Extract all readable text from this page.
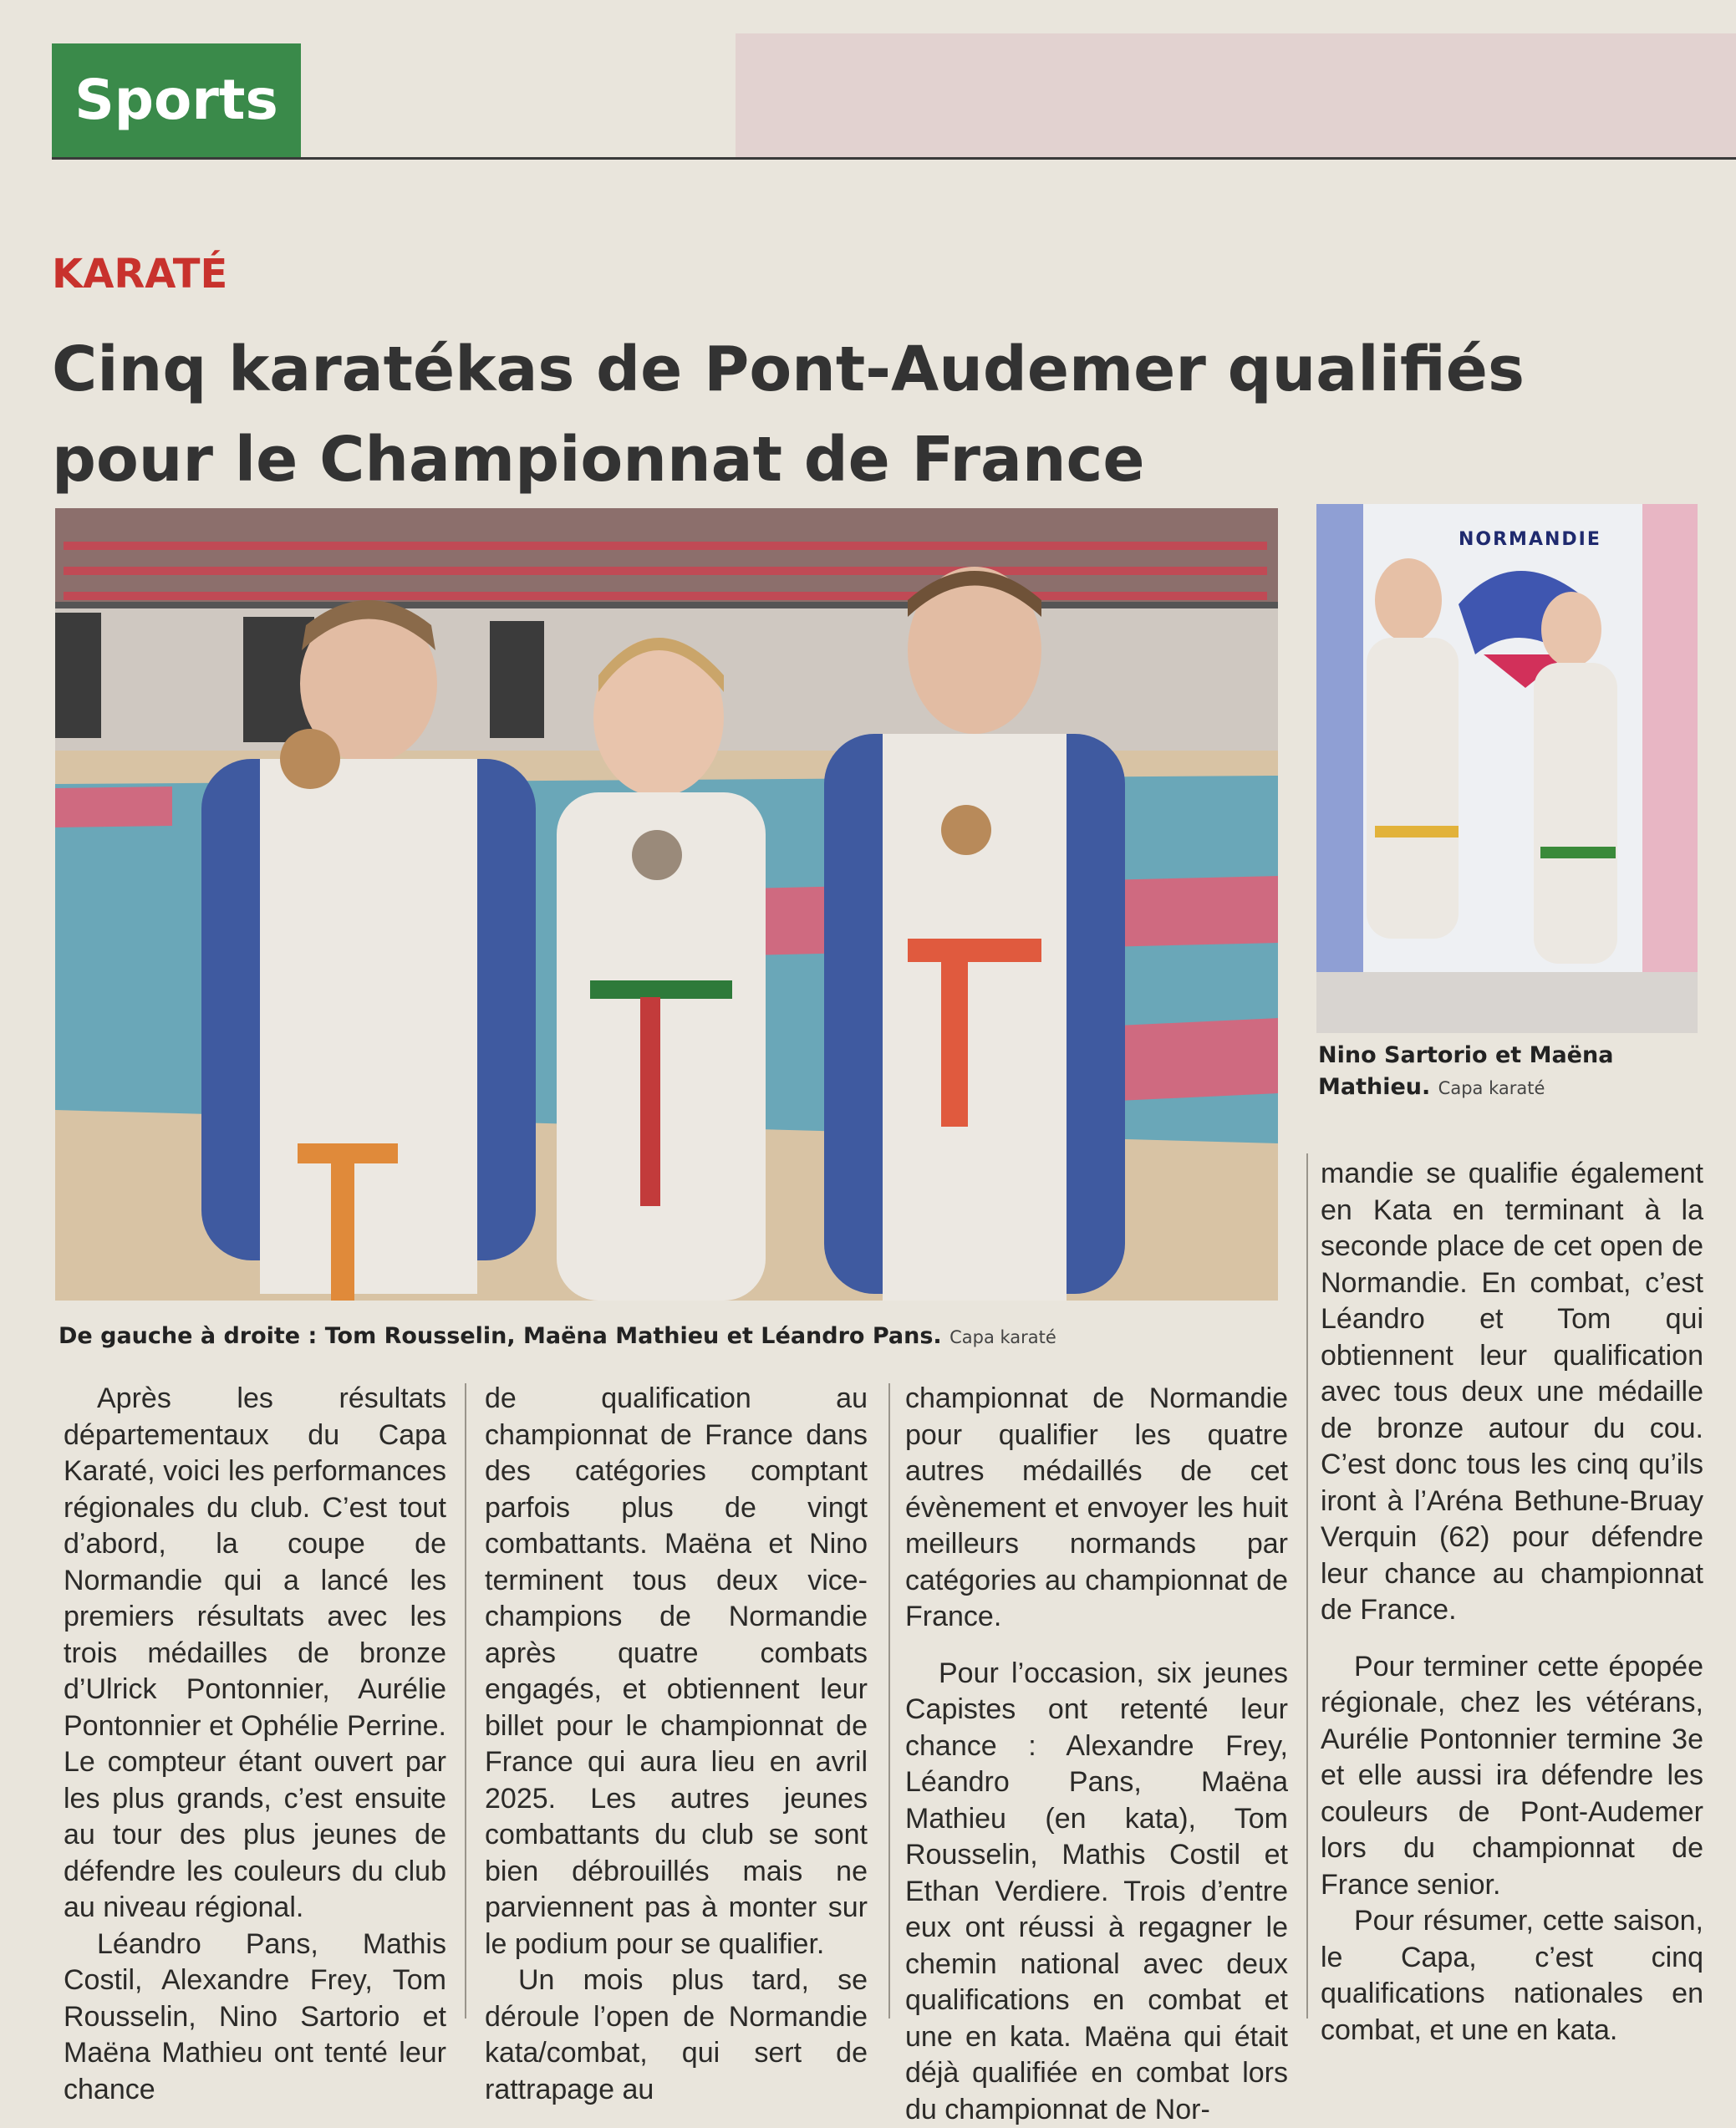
Sports
KARATÉ
Cinq karatékas de Pont-Audemer qualifiés
pour le Championnat de France
NORMANDIE
De gauche à droite : Tom Rousselin, Maëna Mathieu et Léandro Pans. Capa karaté
Nino Sartorio et Maëna
Mathieu. Capa karaté

Après les résultats départementaux du Capa Karaté, voici les performances régionales du club. C’est tout d’abord, la coupe de Normandie qui a lancé les premiers résultats avec les trois médailles de bronze d’Ulrick Pontonnier, Aurélie Pontonnier et Ophélie Perrine. Le compteur étant ouvert par les plus grands, c’est ensuite au tour des plus jeunes de défendre les couleurs du club au niveau régional.

Léandro Pans, Mathis Costil, Alexandre Frey, Tom Rousselin, Nino Sartorio et Maëna Mathieu ont tenté leur chance

de qualification au championnat de France dans des catégories comptant parfois plus de vingt combattants. Maëna et Nino terminent tous deux vice-champions de Normandie après quatre combats engagés, et obtiennent leur billet pour le championnat de France qui aura lieu en avril 2025. Les autres jeunes combattants du club se sont bien débrouillés mais ne parviennent pas à monter sur le podium pour se qualifier.

Un mois plus tard, se déroule l’open de Normandie kata/combat, qui sert de rattrapage au

championnat de Normandie pour qualifier les quatre autres médaillés de cet évènement et envoyer les huit meilleurs normands par catégories au championnat de France.

Pour l’occasion, six jeunes Capistes ont retenté leur chance : Alexandre Frey, Léandro Pans, Maëna Mathieu (en kata), Tom Rousselin, Mathis Costil et Ethan Verdiere. Trois d’entre eux ont réussi à regagner le chemin national avec deux qualifications en combat et une en kata. Maëna qui était déjà qualifiée en combat lors du championnat de Nor-

mandie se qualifie également en Kata en terminant à la seconde place de cet open de Normandie. En combat, c’est Léandro et Tom qui obtiennent leur qualification avec tous deux une médaille de bronze autour du cou. C’est donc tous les cinq qu’ils iront à l’Aréna Bethune-Bruay Verquin (62) pour défendre leur chance au championnat de France.

Pour terminer cette épopée régionale, chez les vétérans, Aurélie Pontonnier termine 3e et elle aussi ira défendre les couleurs de Pont-Audemer lors du championnat de France senior.

Pour résumer, cette saison, le Capa, c’est cinq qualifications nationales en combat, et une en kata.
